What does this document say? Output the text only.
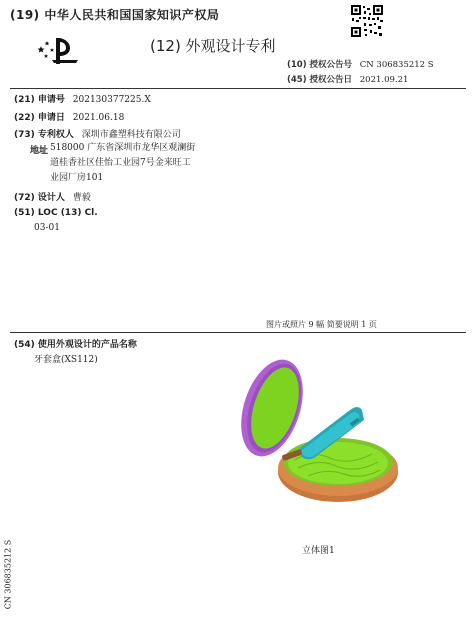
(19) 中华人民共和国国家知识产权局
(12) 外观设计专利
(10) 授权公告号 CN 306835212 S
(45) 授权公告日 2021.09.21
(21) 申请号 202130377225.X
(22) 申请日 2021.06.18
(73) 专利权人 深圳市鑫塑科技有限公司
地址 518000 广东省深圳市龙华区观澜街
道桂香社区佳怡工业园7号金来旺工
业园厂房101
(72) 设计人 曹毅
(51) LOC (13) Cl.
03-01
图片或照片 9 幅 简要说明 1 页
(54) 使用外观设计的产品名称
牙套盒(XS112)
立体图1
CN 306835212 S
